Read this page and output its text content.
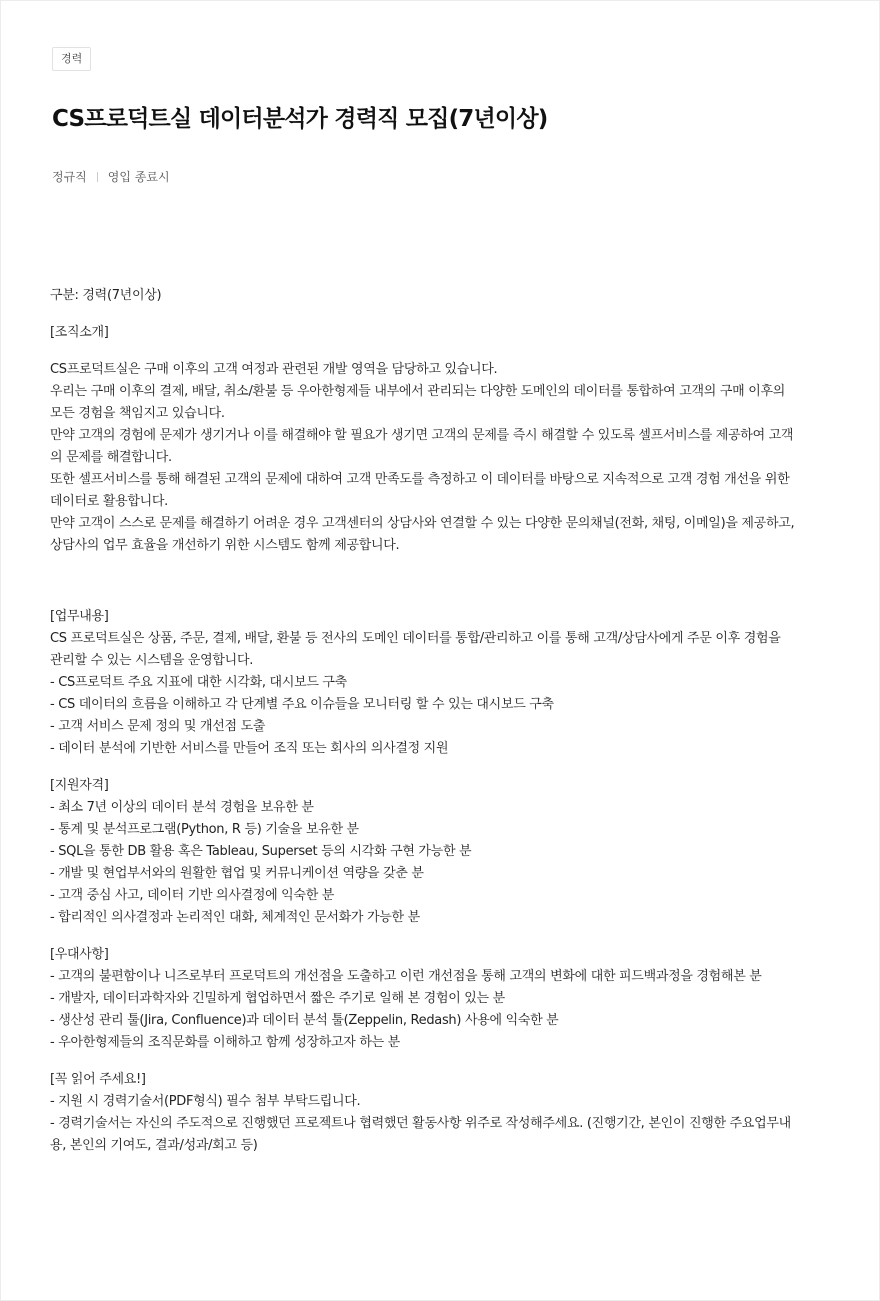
경력
CS프로덕트실 데이터분석가 경력직 모집(7년이상)
정규직 영입 종료시

구분: 경력(7년이상)

[조직소개]

CS프로덕트실은 구매 이후의 고객 여정과 관련된 개발 영역을 담당하고 있습니다.

우리는 구매 이후의 결제, 배달, 취소/환불 등 우아한형제들 내부에서 관리되는 다양한 도메인의 데이터를 통합하여 고객의 구매 이후의

모든 경험을 책임지고 있습니다.

만약 고객의 경험에 문제가 생기거나 이를 해결해야 할 필요가 생기면 고객의 문제를 즉시 해결할 수 있도록 셀프서비스를 제공하여 고객

의 문제를 해결합니다.

또한 셀프서비스를 통해 해결된 고객의 문제에 대하여 고객 만족도를 측정하고 이 데이터를 바탕으로 지속적으로 고객 경험 개선을 위한

데이터로 활용합니다.

만약 고객이 스스로 문제를 해결하기 어려운 경우 고객센터의 상담사와 연결할 수 있는 다양한 문의채널(전화, 채팅, 이메일)을 제공하고,

상담사의 업무 효율을 개선하기 위한 시스템도 함께 제공합니다.

[업무내용]

CS 프로덕트실은 상품, 주문, 결제, 배달, 환불 등 전사의 도메인 데이터를 통합/관리하고 이를 통해 고객/상담사에게 주문 이후 경험을

관리할 수 있는 시스템을 운영합니다.

- CS프로덕트 주요 지표에 대한 시각화, 대시보드 구축

- CS 데이터의 흐름을 이해하고 각 단계별 주요 이슈들을 모니터링 할 수 있는 대시보드 구축

- 고객 서비스 문제 정의 및 개선점 도출

- 데이터 분석에 기반한 서비스를 만들어 조직 또는 회사의 의사결정 지원

[지원자격]

- 최소 7년 이상의 데이터 분석 경험을 보유한 분

- 통계 및 분석프로그램(Python, R 등) 기술을 보유한 분

- SQL을 통한 DB 활용 혹은 Tableau, Superset 등의 시각화 구현 가능한 분

- 개발 및 현업부서와의 원활한 협업 및 커뮤니케이션 역량을 갖춘 분

- 고객 중심 사고, 데이터 기반 의사결정에 익숙한 분

- 합리적인 의사결정과 논리적인 대화, 체계적인 문서화가 가능한 분

[우대사항]

- 고객의 불편함이나 니즈로부터 프로덕트의 개선점을 도출하고 이런 개선점을 통해 고객의 변화에 대한 피드백과정을 경험해본 분

- 개발자, 데이터과학자와 긴밀하게 협업하면서 짧은 주기로 일해 본 경험이 있는 분

- 생산성 관리 툴(Jira, Confluence)과 데이터 분석 툴(Zeppelin, Redash) 사용에 익숙한 분

- 우아한형제들의 조직문화를 이해하고 함께 성장하고자 하는 분

[꼭 읽어 주세요!]

- 지원 시 경력기술서(PDF형식) 필수 첨부 부탁드립니다.

- 경력기술서는 자신의 주도적으로 진행했던 프로젝트나 협력했던 활동사항 위주로 작성해주세요. (진행기간, 본인이 진행한 주요업무내

용, 본인의 기여도, 결과/성과/회고 등)
